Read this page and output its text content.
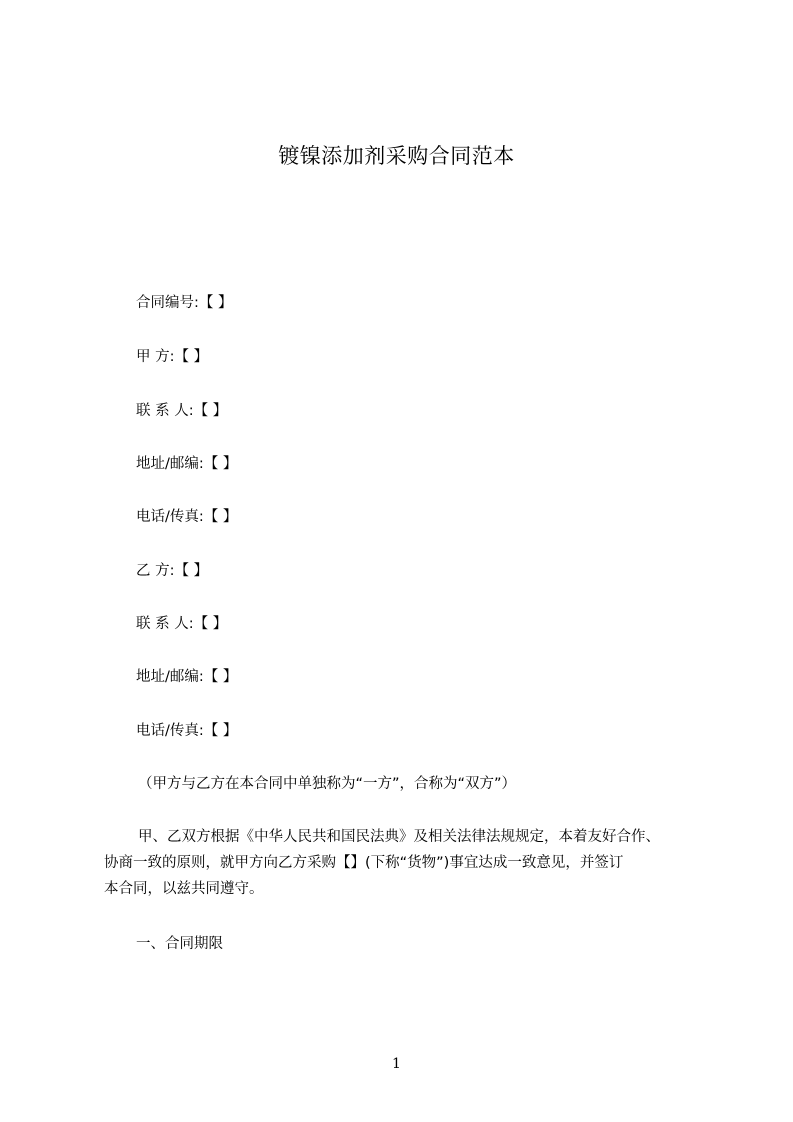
镀镍添加剂采购合同范本
合同编号:【 】
甲 方:【 】
联 系 人:【 】
地址/邮编:【 】
电话/传真:【 】
乙 方:【 】
联 系 人:【 】
地址/邮编:【 】
电话/传真:【 】
（甲方与乙方在本合同中单独称为“一方”，合称为“双方”）
甲、乙双方根据《中华人民共和国民法典》及相关法律法规规定，本着友好合作、
协商一致的原则，就甲方向乙方采购【】(下称“货物”)事宜达成一致意见，并签订
本合同，以兹共同遵守。
一、合同期限
1
